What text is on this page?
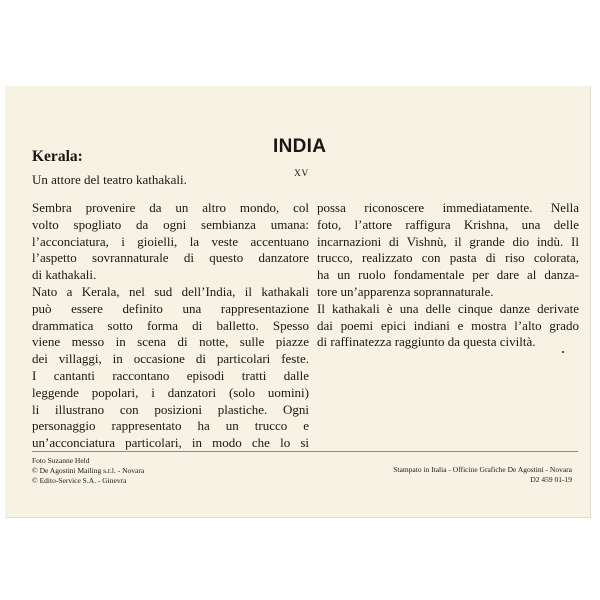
INDIA
Kerala:
Un attore del teatro kathakali.	XV
Sembra provenire da un altro mondo, col
volto spogliato da ogni sembianza umana:
l’acconciatura, i gioielli, la veste accentuano
l’aspetto sovrannaturale di questo danzatore
di kathakali.
Nato a Kerala, nel sud dell’India, il kathakali
può essere definito una rappresentazione
drammatica sotto forma di balletto. Spesso
viene messo in scena di notte, sulle piazze
dei villaggi, in occasione di particolari feste.
I cantanti raccontano episodi tratti dalle
leggende popolari, i danzatori (solo uomini)
li illustrano con posizioni plastiche. Ogni
personaggio rappresentato ha un trucco e
un’acconciatura particolari, in modo che lo si
possa riconoscere immediatamente. Nella
foto, l’attore raffigura Krishna, una delle
incarnazioni di Vishnù, il grande dio indù. Il
trucco, realizzato con pasta di riso colorata,
ha un ruolo fondamentale per dare al danza-
tore un’apparenza soprannaturale.
Il kathakali è una delle cinque danze derivate
dai poemi epici indiani e mostra l’alto grado
di raffinatezza raggiunto da questa civiltà.
Foto Suzanne Held
© De Agostini Mailing s.r.l. - Novara
© Edito-Service S.A. - Ginevra
Stampato in Italia - Officine Grafiche De Agostini - Novara
D2 459 01-19
